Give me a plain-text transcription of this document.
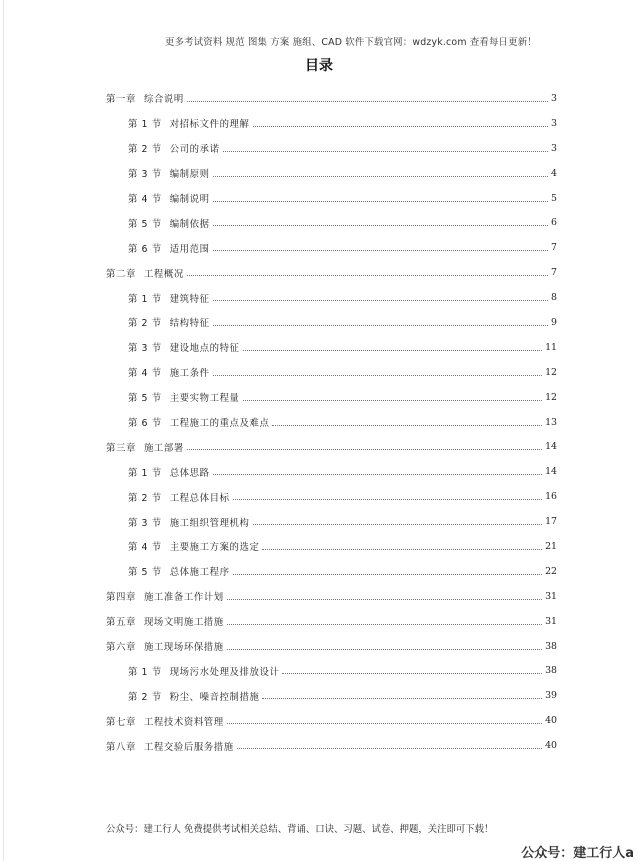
更多考试资料 规范 图集 方案 施组、CAD 软件下载官网：wdzyk.com 查看每日更新！
目录
第一章 综合说明	3
第 1 节 对招标文件的理解	3
第 2 节 公司的承诺	3
第 3 节 编制原则	4
第 4 节 编制说明	5
第 5 节 编制依据	6
第 6 节 适用范围	7
第二章 工程概况	7
第 1 节 建筑特征	8
第 2 节 结构特征	9
第 3 节 建设地点的特征	11
第 4 节 施工条件	12
第 5 节 主要实物工程量	12
第 6 节 工程施工的重点及难点	13
第三章 施工部署	14
第 1 节 总体思路	14
第 2 节 工程总体目标	16
第 3 节 施工组织管理机构	17
第 4 节 主要施工方案的选定	21
第 5 节 总体施工程序	22
第四章 施工准备工作计划	31
第五章 现场文明施工措施	31
第六章 施工现场环保措施	38
第 1 节 现场污水处理及排放设计	38
第 2 节 粉尘、噪音控制措施	39
第七章 工程技术资料管理	40
第八章 工程交验后服务措施	40
公众号：建工行人 免费提供考试相关总结、背诵、口诀、习题、试卷、押题，关注即可下载！
公众号：建工行人a
